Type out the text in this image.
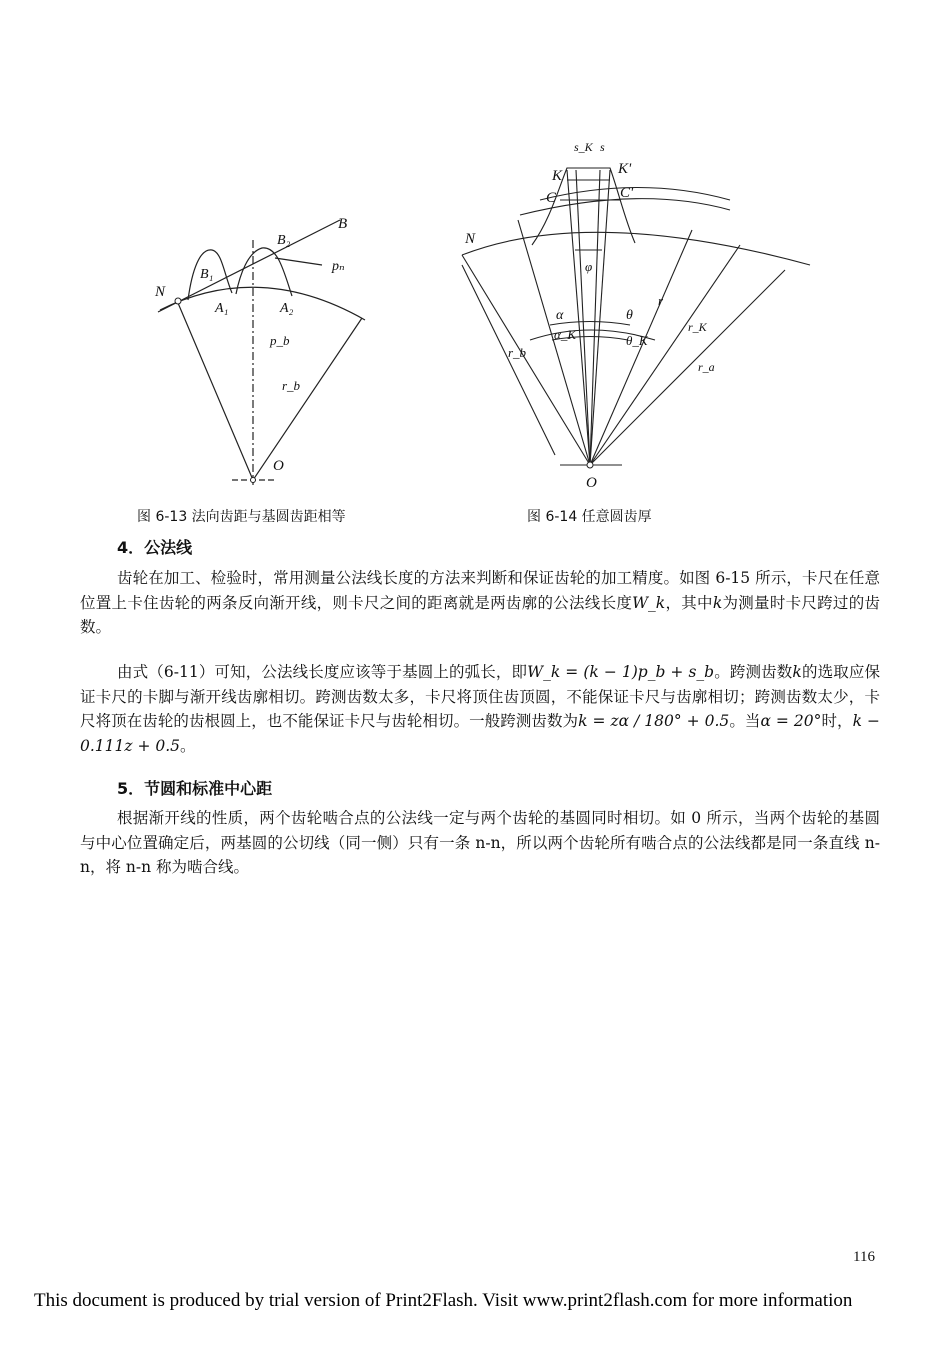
B
B₂
N
B₁
pₙ
A₁	A₂
p_b
r_b
O
s_K s
K	K'
C	C'
N
φ
α	θ
α_K	θ_K
r_b
r
r_K
r_a
O
图 6-13 法向齿距与基圆齿距相等	图 6-14 任意圆齿厚
4．公法线
齿轮在加工、检验时，常用测量公法线长度的方法来判断和保证齿轮的加工精度。如图 6-15 所示，卡尺在任意位置上卡住齿轮的两条反向渐开线，则卡尺之间的距离就是两齿廓的公法线长度W_k，其中k为测量时卡尺跨过的齿数。
由式（6-11）可知，公法线长度应该等于基圆上的弧长，即W_k = (k − 1)p_b + s_b。跨测齿数k的选取应保证卡尺的卡脚与渐开线齿廓相切。跨测齿数太多，卡尺将顶住齿顶圆，不能保证卡尺与齿廓相切；跨测齿数太少，卡尺将顶在齿轮的齿根圆上，也不能保证卡尺与齿轮相切。一般跨测齿数为k = zα / 180° + 0.5。当α = 20°时，k − 0.111z + 0.5。
5．节圆和标准中心距
根据渐开线的性质，两个齿轮啮合点的公法线一定与两个齿轮的基圆同时相切。如 0 所示，当两个齿轮的基圆与中心位置确定后，两基圆的公切线（同一侧）只有一条 n-n，所以两个齿轮所有啮合点的公法线都是同一条直线 n-n，将 n-n 称为啮合线。
116
This document is produced by trial version of Print2Flash. Visit www.print2flash.com for more information
